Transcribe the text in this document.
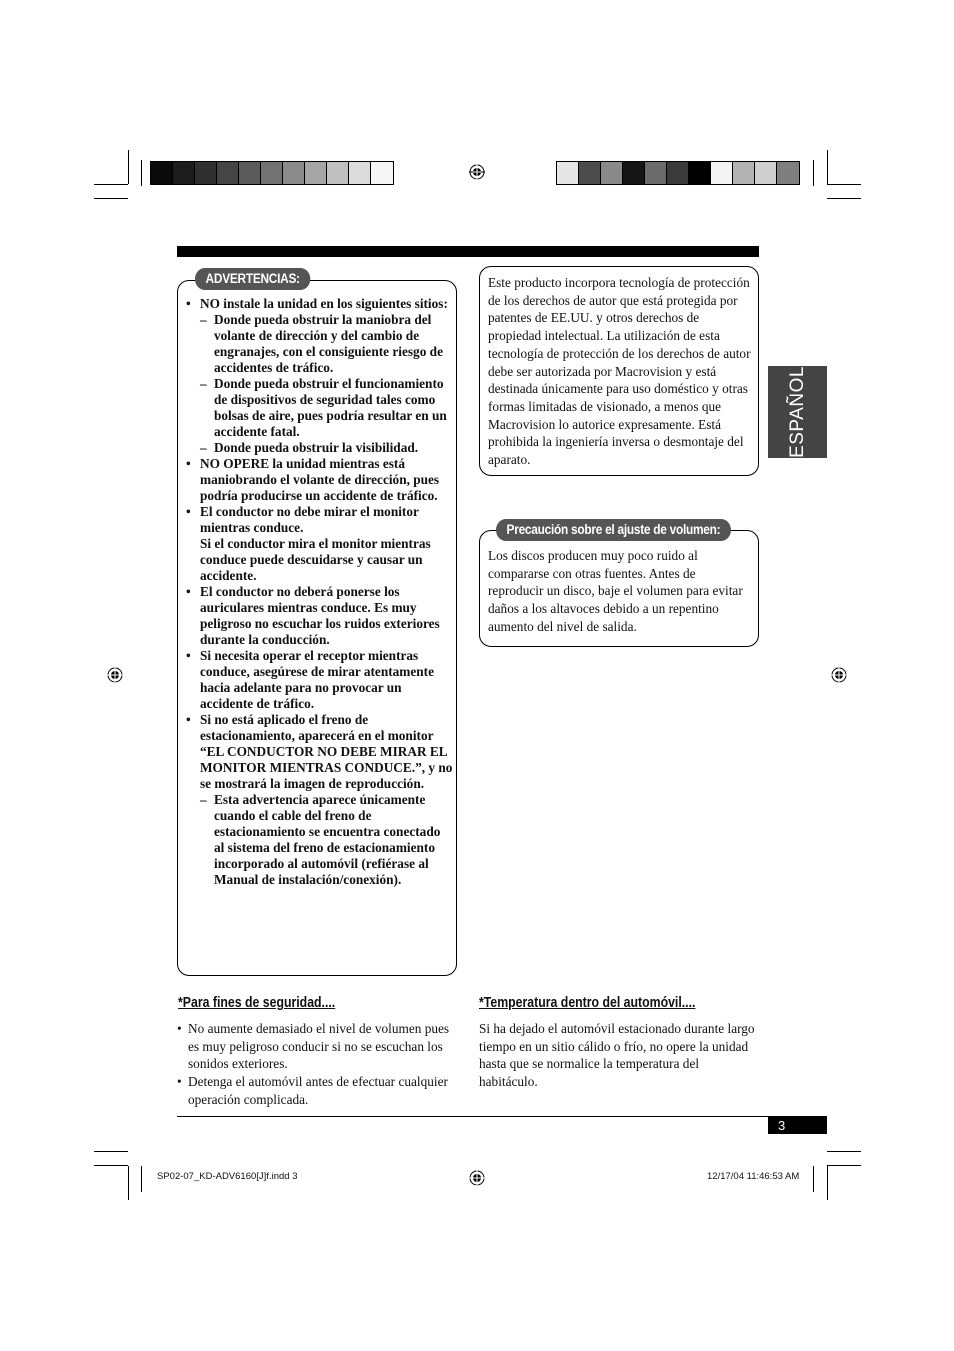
ADVERTENCIAS:
• NO instale la unidad en los siguientes sitios:
– Donde pueda obstruir la maniobra del volante de dirección y del cambio de engranajes, con el consiguiente riesgo de accidentes de tráfico.
– Donde pueda obstruir el funcionamiento de dispositivos de seguridad tales como bolsas de aire, pues podría resultar en un accidente fatal.
– Donde pueda obstruir la visibilidad.
• NO OPERE la unidad mientras está maniobrando el volante de dirección, pues podría producirse un accidente de tráfico.
• El conductor no debe mirar el monitor mientras conduce.
Si el conductor mira el monitor mientras conduce puede descuidarse y causar un accidente.
• El conductor no deberá ponerse los auriculares mientras conduce. Es muy peligroso no escuchar los ruidos exteriores durante la conducción.
• Si necesita operar el receptor mientras conduce, asegúrese de mirar atentamente hacia adelante para no provocar un accidente de tráfico.
• Si no está aplicado el freno de estacionamiento, aparecerá en el monitor “EL CONDUCTOR NO DEBE MIRAR EL MONITOR MIENTRAS CONDUCE.”, y no se mostrará la imagen de reproducción.
– Esta advertencia aparece únicamente cuando el cable del freno de estacionamiento se encuentra conectado al sistema del freno de estacionamiento incorporado al automóvil (refiérase al Manual de instalación/conexión).
Este producto incorpora tecnología de protección de los derechos de autor que está protegida por patentes de EE.UU. y otros derechos de propiedad intelectual. La utilización de esta tecnología de protección de los derechos de autor debe ser autorizada por Macrovision y está destinada únicamente para uso doméstico y otras formas limitadas de visionado, a menos que Macrovision lo autorice expresamente. Está prohibida la ingeniería inversa o desmontaje del aparato.
Precaución sobre el ajuste de volumen:
Los discos producen muy poco ruido al compararse con otras fuentes. Antes de reproducir un disco, baje el volumen para evitar daños a los altavoces debido a un repentino aumento del nivel de salida.
ESPAÑOL
*Para fines de seguridad....
• No aumente demasiado el nivel de volumen pues es muy peligroso conducir si no se escuchan los sonidos exteriores.
• Detenga el automóvil antes de efectuar cualquier operación complicada.
*Temperatura dentro del automóvil....
Si ha dejado el automóvil estacionado durante largo tiempo en un sitio cálido o frío, no opere la unidad hasta que se normalice la temperatura del habitáculo.
3
SP02-07_KD-ADV6160[J]f.indd 3	12/17/04 11:46:53 AM
